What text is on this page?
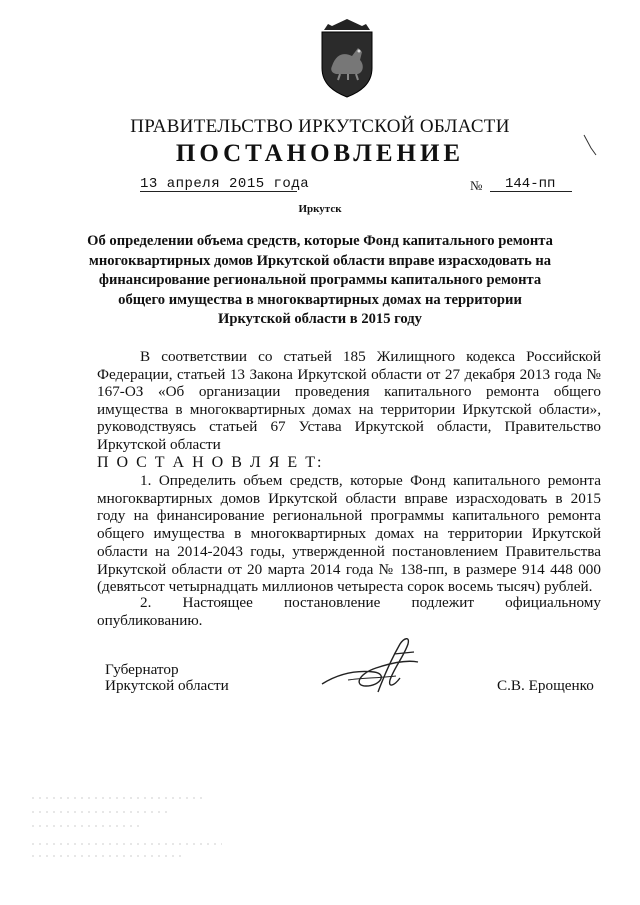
ПРАВИТЕЛЬСТВО ИРКУТСКОЙ ОБЛАСТИ
ПОСТАНОВЛЕНИЕ
13 апреля 2015 года	№ 144-пп
Иркутск
Об определении объема средств, которые Фонд капитального ремонта многоквартирных домов Иркутской области вправе израсходовать на финансирование региональной программы капитального ремонта общего имущества в многоквартирных домах на территории Иркутской области в 2015 году
В соответствии со статьей 185 Жилищного кодекса Российской Федерации, статьей 13 Закона Иркутской области от 27 декабря 2013 года № 167-ОЗ «Об организации проведения капитального ремонта общего имущества в многоквартирных домах на территории Иркутской области», руководствуясь статьей 67 Устава Иркутской области, Правительство Иркутской области
П О С Т А Н О В Л Я Е Т:
1. Определить объем средств, которые Фонд капитального ремонта многоквартирных домов Иркутской области вправе израсходовать в 2015 году на финансирование региональной программы капитального ремонта общего имущества в многоквартирных домах на территории Иркутской области на 2014-2043 годы, утвержденной постановлением Правительства Иркутской области от 20 марта 2014 года № 138-пп, в размере 914 448 000 (девятьсот четырнадцать миллионов четыреста сорок восемь тысяч) рублей.
2. Настоящее постановление подлежит официальному опубликованию.
Губернатор
Иркутской области	С.В. Ерощенко
